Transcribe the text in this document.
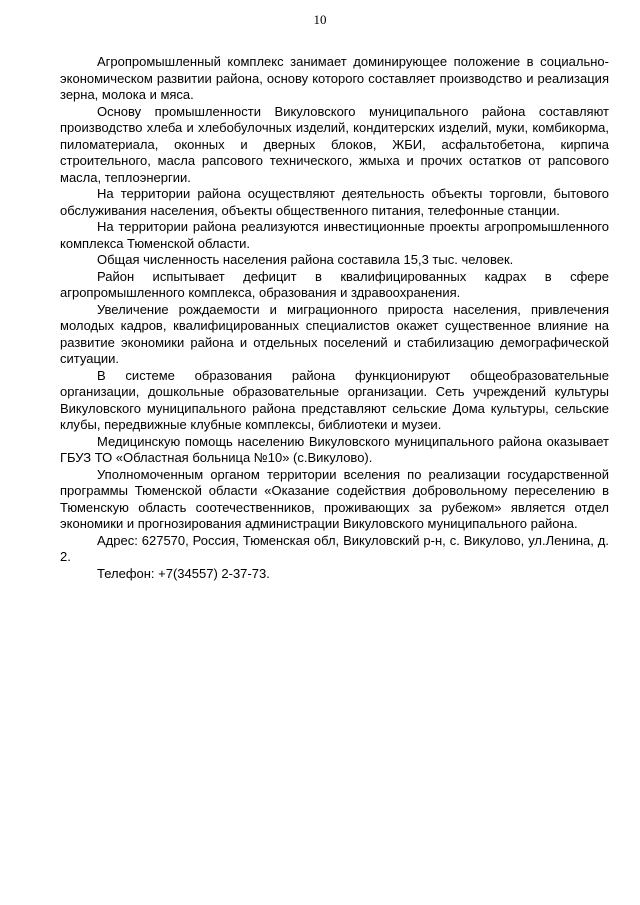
10

Агропромышленный комплекс занимает доминирующее положение в социально-экономическом развитии района, основу которого составляет производство и реализация зерна, молока и мяса.

Основу промышленности Викуловского муниципального района составляют производство хлеба и хлебобулочных изделий, кондитерских изделий, муки, комбикорма, пиломатериала, оконных и дверных блоков, ЖБИ, асфальтобетона, кирпича строительного, масла рапсового технического, жмыха и прочих остатков от рапсового масла, теплоэнергии.

На территории района осуществляют деятельность объекты торговли, бытового обслуживания населения, объекты общественного питания, телефонные станции.

На территории района реализуются инвестиционные проекты агропромышленного комплекса Тюменской области.

Общая численность населения района составила 15,3 тыс. человек.

Район испытывает дефицит в квалифицированных кадрах в сфере агропромышленного комплекса, образования и здравоохранения.

Увеличение рождаемости и миграционного прироста населения, привлечения молодых кадров, квалифицированных специалистов окажет существенное влияние на развитие экономики района и отдельных поселений и стабилизацию демографической ситуации.

В системе образования района функционируют общеобразовательные организации, дошкольные образовательные организации. Сеть учреждений культуры Викуловского муниципального района представляют сельские Дома культуры, сельские клубы, передвижные клубные комплексы, библиотеки и музеи.

Медицинскую помощь населению Викуловского муниципального района оказывает ГБУЗ ТО «Областная больница №10» (с.Викулово).

Уполномоченным органом территории вселения по реализации государственной программы Тюменской области «Оказание содействия добровольному переселению в Тюменскую область соотечественников, проживающих за рубежом» является отдел экономики и прогнозирования администрации Викуловского муниципального района.

Адрес: 627570, Россия, Тюменская обл, Викуловский р-н, с. Викулово, ул.Ленина, д. 2.

Телефон: +7(34557) 2-37-73.
